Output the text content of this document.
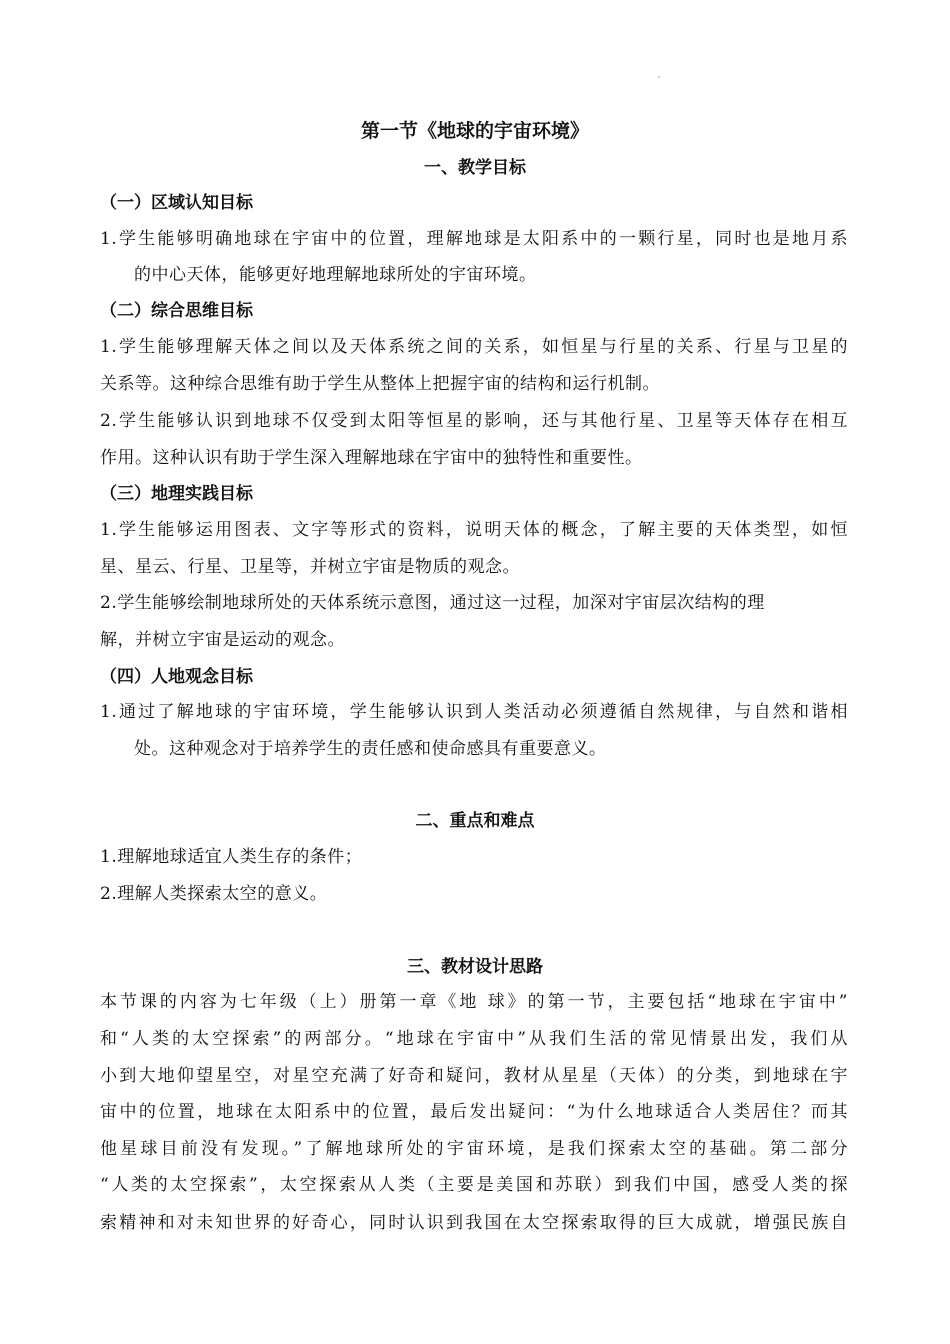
第一节《地球的宇宙环境》
一、教学目标
（一）区域认知目标
1.学生能够明确地球在宇宙中的位置，理解地球是太阳系中的一颗行星，同时也是地月系
的中心天体，能够更好地理解地球所处的宇宙环境。
（二）综合思维目标
1.学生能够理解天体之间以及天体系统之间的关系，如恒星与行星的关系、行星与卫星的
关系等。这种综合思维有助于学生从整体上把握宇宙的结构和运行机制。
2.学生能够认识到地球不仅受到太阳等恒星的影响，还与其他行星、卫星等天体存在相互
作用。这种认识有助于学生深入理解地球在宇宙中的独特性和重要性。
（三）地理实践目标
1.学生能够运用图表、文字等形式的资料，说明天体的概念，了解主要的天体类型，如恒
星、星云、行星、卫星等，并树立宇宙是物质的观念。
2.学生能够绘制地球所处的天体系统示意图，通过这一过程，加深对宇宙层次结构的理
解，并树立宇宙是运动的观念。
（四）人地观念目标
1.通过了解地球的宇宙环境，学生能够认识到人类活动必须遵循自然规律，与自然和谐相
处。这种观念对于培养学生的责任感和使命感具有重要意义。
二、重点和难点
1.理解地球适宜人类生存的条件；
2.理解人类探索太空的意义。
三、教材设计思路
本节课的内容为七年级（上）册第一章《地 球》的第一节，主要包括“地球在宇宙中”
和“人类的太空探索”的两部分。“地球在宇宙中”从我们生活的常见情景出发，我们从
小到大地仰望星空，对星空充满了好奇和疑问，教材从星星（天体）的分类，到地球在宇
宙中的位置，地球在太阳系中的位置，最后发出疑问：“为什么地球适合人类居住？而其
他星球目前没有发现。”了解地球所处的宇宙环境，是我们探索太空的基础。第二部分
“人类的太空探索”，太空探索从人类（主要是美国和苏联）到我们中国，感受人类的探
索精神和对未知世界的好奇心，同时认识到我国在太空探索取得的巨大成就，增强民族自
